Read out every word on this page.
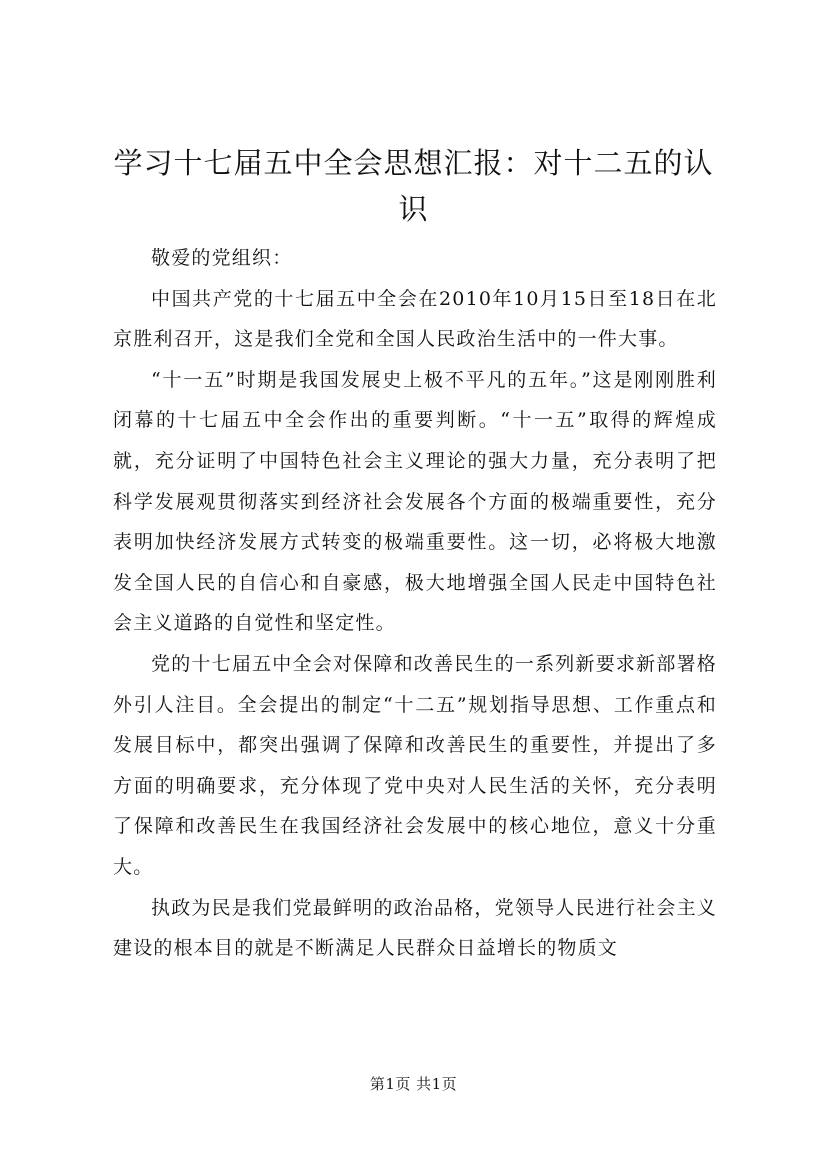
学习十七届五中全会思想汇报：对十二五的认识

敬爱的党组织：

中国共产党的十七届五中全会在2010年10月15日至18日在北京胜利召开，这是我们全党和全国人民政治生活中的一件大事。

“十一五”时期是我国发展史上极不平凡的五年。”这是刚刚胜利闭幕的十七届五中全会作出的重要判断。“十一五”取得的辉煌成就，充分证明了中国特色社会主义理论的强大力量，充分表明了把科学发展观贯彻落实到经济社会发展各个方面的极端重要性，充分表明加快经济发展方式转变的极端重要性。这一切，必将极大地激发全国人民的自信心和自豪感，极大地增强全国人民走中国特色社会主义道路的自觉性和坚定性。

党的十七届五中全会对保障和改善民生的一系列新要求新部署格外引人注目。全会提出的制定“十二五”规划指导思想、工作重点和发展目标中，都突出强调了保障和改善民生的重要性，并提出了多方面的明确要求，充分体现了党中央对人民生活的关怀，充分表明了保障和改善民生在我国经济社会发展中的核心地位，意义十分重大。

执政为民是我们党最鲜明的政治品格，党领导人民进行社会主义建设的根本目的就是不断满足人民群众日益增长的物质文

第1页 共1页
